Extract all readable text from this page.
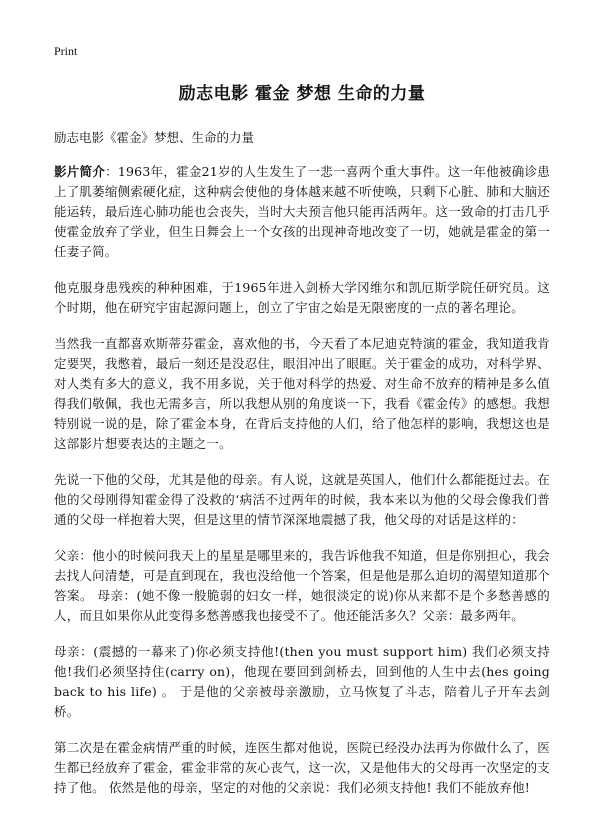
Print
励志电影 霍金 梦想 生命的力量
励志电影《霍金》梦想、生命的力量

影片简介：1963年，霍金21岁的人生发生了一悲一喜两个重大事件。这一年他被确诊患上了肌萎缩侧索硬化症，这种病会使他的身体越来越不听使唤，只剩下心脏、肺和大脑还能运转，最后连心肺功能也会丧失，当时大夫预言他只能再活两年。这一致命的打击几乎使霍金放弃了学业，但生日舞会上一个女孩的出现神奇地改变了一切，她就是霍金的第一任妻子简。

他克服身患残疾的种种困难，于1965年进入剑桥大学冈维尔和凯厄斯学院任研究员。这个时期，他在研究宇宙起源问题上，创立了宇宙之始是无限密度的一点的著名理论。

当然我一直都喜欢斯蒂芬霍金，喜欢他的书，今天看了本尼迪克特演的霍金，我知道我肯定要哭，我憋着，最后一刻还是没忍住，眼泪冲出了眼眶。关于霍金的成功，对科学界、对人类有多大的意义，我不用多说，关于他对科学的热爱、对生命不放弃的精神是多么值得我们敬佩，我也无需多言，所以我想从别的角度谈一下，我看《霍金传》的感想。我想特别说一说的是，除了霍金本身，在背后支持他的人们，给了他怎样的影响，我想这也是这部影片想要表达的主题之一。

先说一下他的父母，尤其是他的母亲。有人说，这就是英国人，他们什么都能挺过去。在他的父母刚得知霍金得了没救的‘病活不过两年的时候，我本来以为他的父母会像我们普通的父母一样抱着大哭，但是这里的情节深深地震撼了我，他父母的对话是这样的：

父亲：他小的时候问我天上的星星是哪里来的，我告诉他我不知道，但是你别担心，我会去找人问清楚，可是直到现在，我也没给他一个答案，但是他是那么迫切的渴望知道那个答案。 母亲：(她不像一般脆弱的妇女一样，她很淡定的说)你从来都不是个多愁善感的人，而且如果你从此变得多愁善感我也接受不了。他还能活多久？父亲：最多两年。

母亲：(震撼的一幕来了)你必须支持他!(then you must support him) 我们必须支持他!我们必须坚持住(carry on)，他现在要回到剑桥去，回到他的人生中去(hes going back to his life) 。 于是他的父亲被母亲激励，立马恢复了斗志，陪着儿子开车去剑桥。

第二次是在霍金病情严重的时候，连医生都对他说，医院已经没办法再为你做什么了，医生都已经放弃了霍金，霍金非常的灰心丧气，这一次，又是他伟大的父母再一次坚定的支持了他。 依然是他的母亲，坚定的对他的父亲说：我们必须支持他! 我们不能放弃他!
